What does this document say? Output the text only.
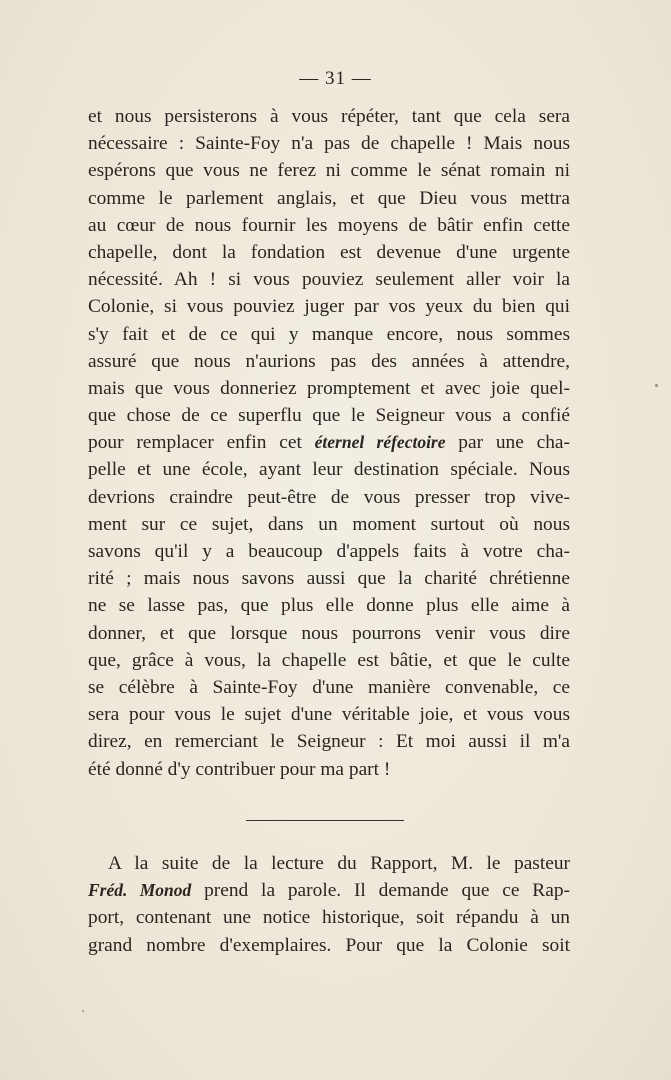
— 31 —
et nous persisterons à vous répéter, tant que cela sera
nécessaire : Sainte-Foy n'a pas de chapelle ! Mais nous
espérons que vous ne ferez ni comme le sénat romain ni
comme le parlement anglais, et que Dieu vous mettra
au cœur de nous fournir les moyens de bâtir enfin cette
chapelle, dont la fondation est devenue d'une urgente
nécessité. Ah ! si vous pouviez seulement aller voir la
Colonie, si vous pouviez juger par vos yeux du bien qui
s'y fait et de ce qui y manque encore, nous sommes
assuré que nous n'aurions pas des années à attendre,
mais que vous donneriez promptement et avec joie quel-
que chose de ce superflu que le Seigneur vous a confié
pour remplacer enfin cet éternel réfectoire par une cha-
pelle et une école, ayant leur destination spéciale. Nous
devrions craindre peut-être de vous presser trop vive-
ment sur ce sujet, dans un moment surtout où nous
savons qu'il y a beaucoup d'appels faits à votre cha-
rité ; mais nous savons aussi que la charité chrétienne
ne se lasse pas, que plus elle donne plus elle aime à
donner, et que lorsque nous pourrons venir vous dire
que, grâce à vous, la chapelle est bâtie, et que le culte
se célèbre à Sainte-Foy d'une manière convenable, ce
sera pour vous le sujet d'une véritable joie, et vous vous
direz, en remerciant le Seigneur : Et moi aussi il m'a
été donné d'y contribuer pour ma part !
A la suite de la lecture du Rapport, M. le pasteur
Fréd. Monod prend la parole. Il demande que ce Rap-
port, contenant une notice historique, soit répandu à un
grand nombre d'exemplaires. Pour que la Colonie soit
